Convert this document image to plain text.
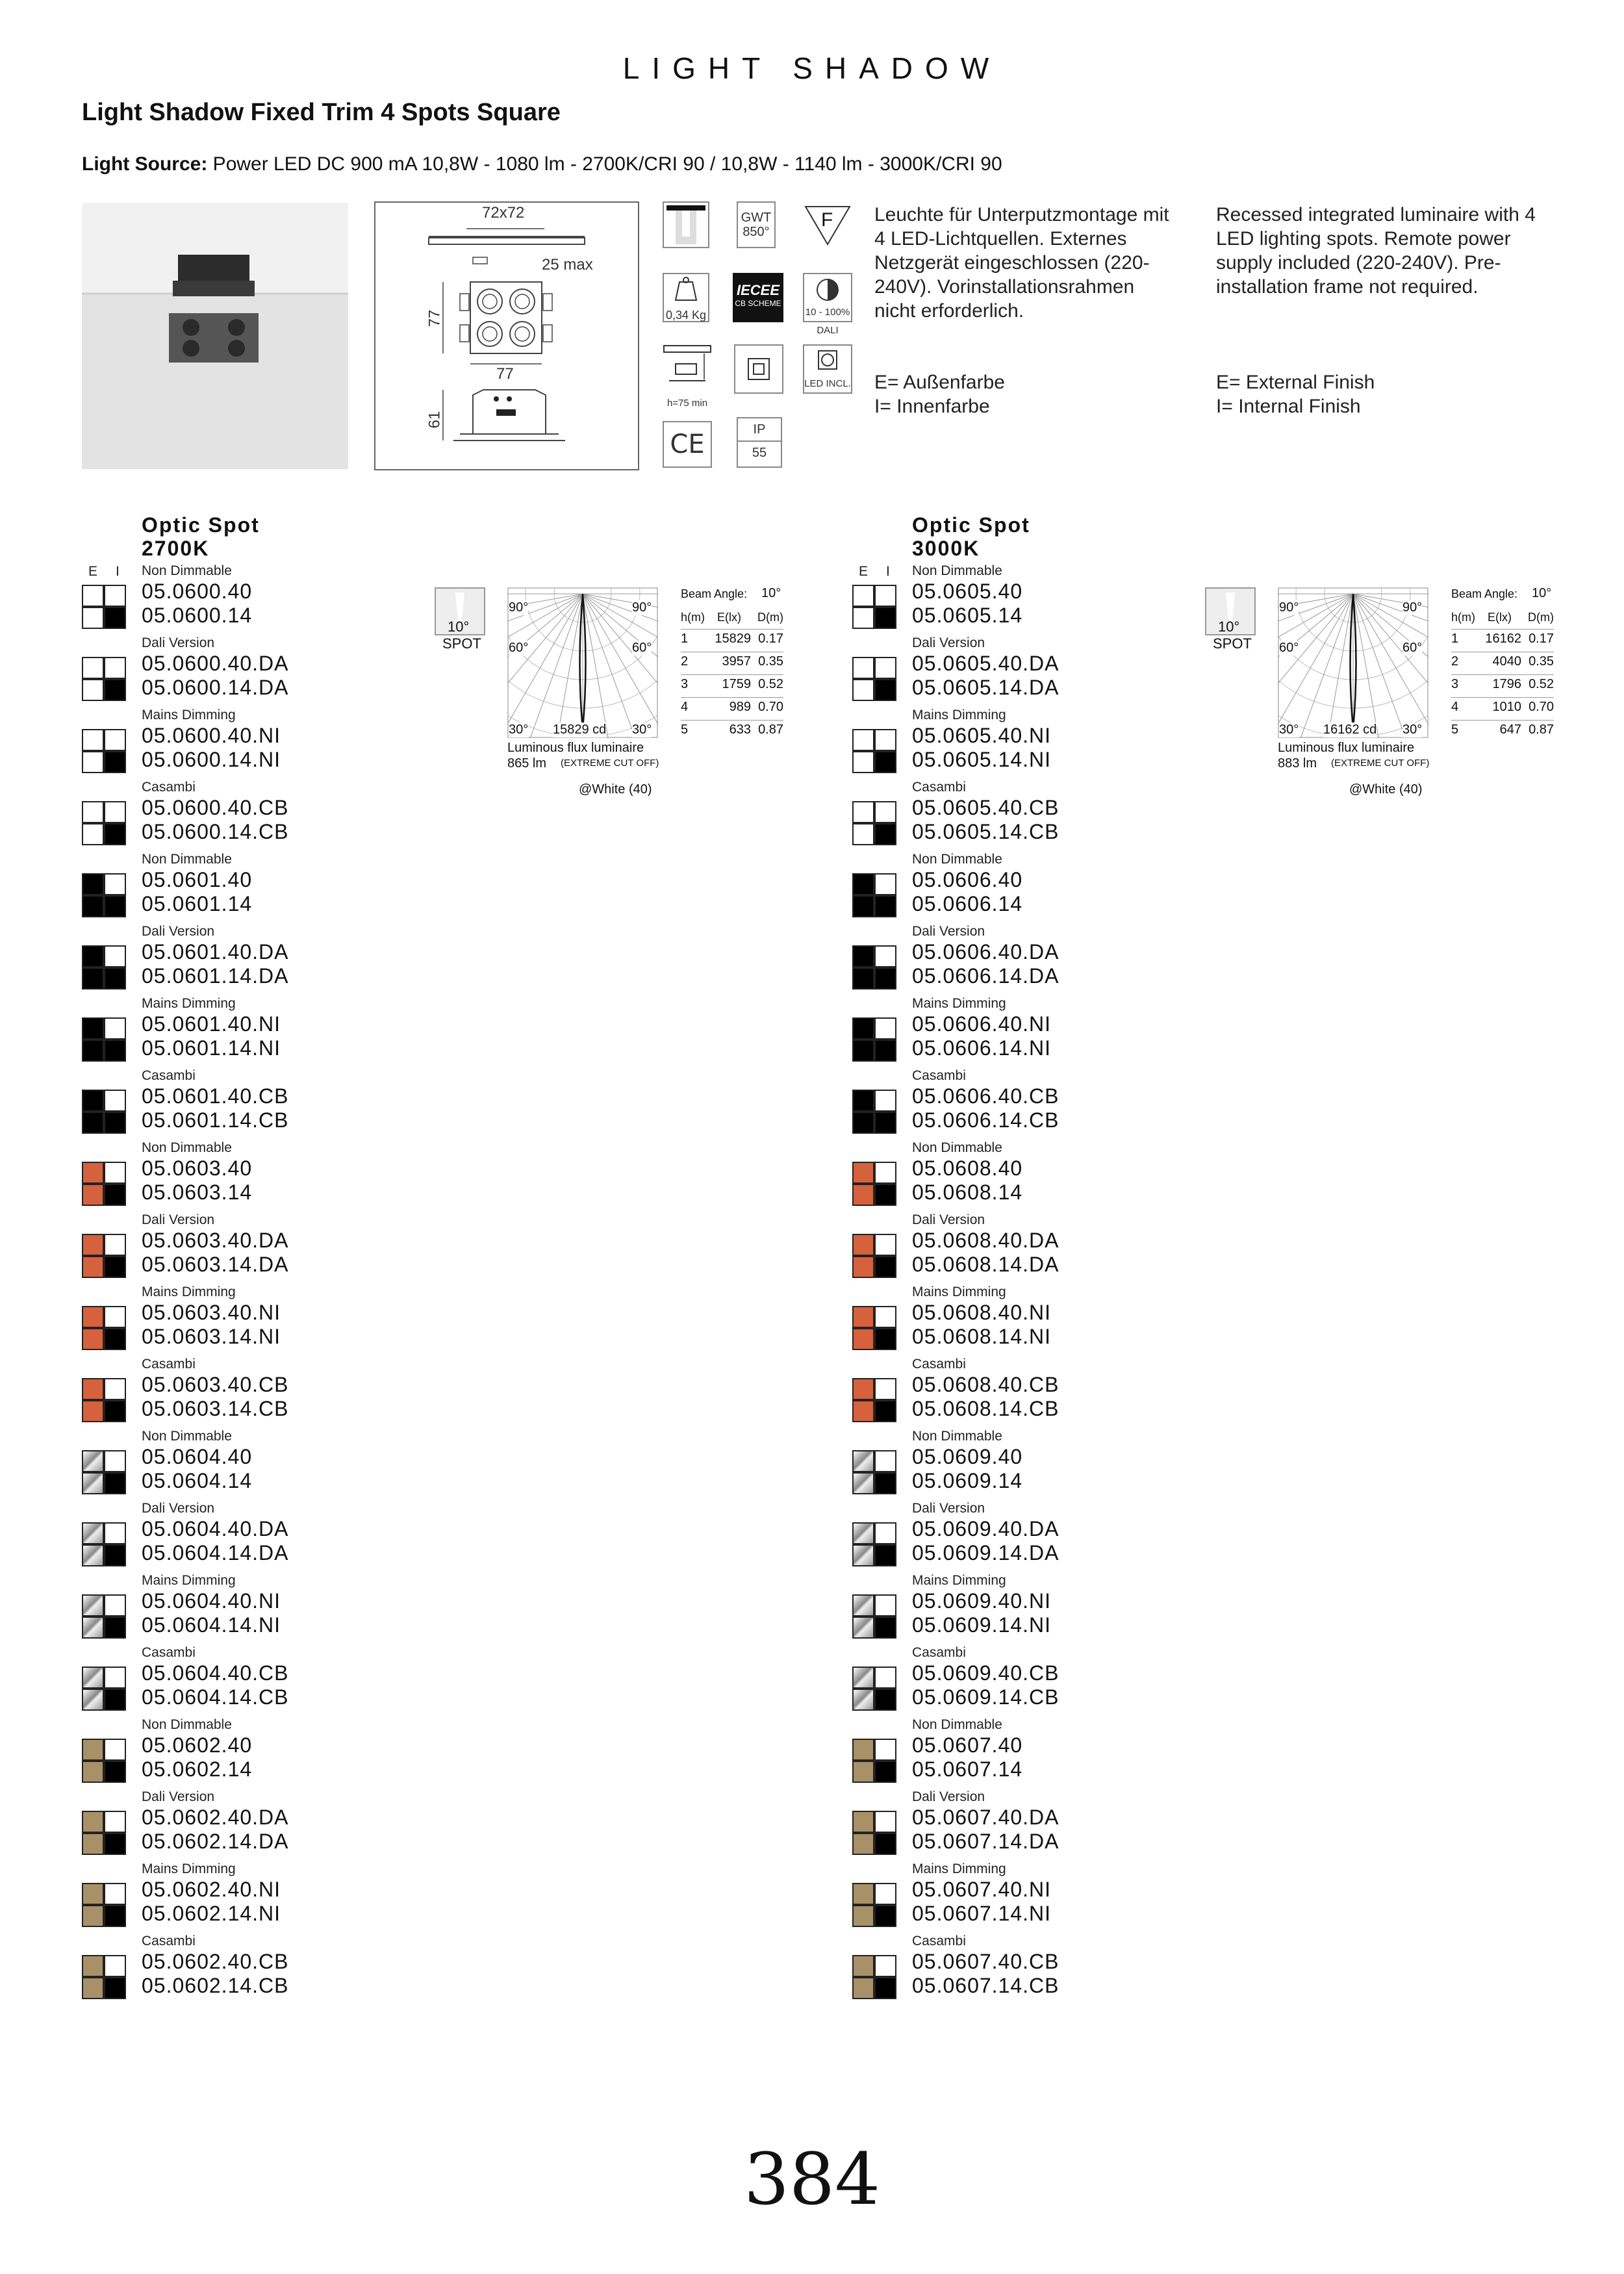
LIGHT SHADOW
Light Shadow Fixed Trim 4 Spots Square
Light Source: Power LED DC 900 mA 10,8W - 1080 lm - 2700K/CRI 90 / 10,8W - 1140 lm - 3000K/CRI 90
72x72
25 max
77
77
61
GWT
850°
F
0,34 Kg
IECEE
CB SCHEME
10 - 100%
DALI
h=75 min
LED INCL.
CE	IP
55
Leuchte für Unterputzmontage mit 4 LED-Lichtquellen. Externes Netzgerät eingeschlossen (220-240V). Vorinstallationsrahmen nicht erforderlich.
E= Außenfarbe
I= Innenfarbe
Recessed integrated luminaire with 4 LED lighting spots. Remote power supply included (220-240V). Pre-installation frame not required.
E= External Finish
I= Internal Finish
Optic Spot
2700K
E I Non Dimmable
05.0600.40
05.0600.14
Dali Version
05.0600.40.DA
05.0600.14.DA
Mains Dimming
05.0600.40.NI
05.0600.14.NI
Casambi
05.0600.40.CB
05.0600.14.CB
Non Dimmable
05.0601.40
05.0601.14
Dali Version
05.0601.40.DA
05.0601.14.DA
Mains Dimming
05.0601.40.NI
05.0601.14.NI
Casambi
05.0601.40.CB
05.0601.14.CB
Non Dimmable
05.0603.40
05.0603.14
Dali Version
05.0603.40.DA
05.0603.14.DA
Mains Dimming
05.0603.40.NI
05.0603.14.NI
Casambi
05.0603.40.CB
05.0603.14.CB
Non Dimmable
05.0604.40
05.0604.14
Dali Version
05.0604.40.DA
05.0604.14.DA
Mains Dimming
05.0604.40.NI
05.0604.14.NI
Casambi
05.0604.40.CB
05.0604.14.CB
Non Dimmable
05.0602.40
05.0602.14
Dali Version
05.0602.40.DA
05.0602.14.DA
Mains Dimming
05.0602.40.NI
05.0602.14.NI
Casambi
05.0602.40.CB
05.0602.14.CB
10°
SPOT
90°	90°
60°	60°
30°	30°
15829 cd
Luminous flux luminaire
865 lm (EXTREME CUT OFF)
@White (40)
Beam Angle: 10°
h(m) E(lx) D(m)
1	15829 0.17
2	3957 0.35
3	1759 0.52
4	989 0.70
5	633 0.87
Optic Spot
3000K
E I Non Dimmable
05.0605.40
05.0605.14
Dali Version
05.0605.40.DA
05.0605.14.DA
Mains Dimming
05.0605.40.NI
05.0605.14.NI
Casambi
05.0605.40.CB
05.0605.14.CB
Non Dimmable
05.0606.40
05.0606.14
Dali Version
05.0606.40.DA
05.0606.14.DA
Mains Dimming
05.0606.40.NI
05.0606.14.NI
Casambi
05.0606.40.CB
05.0606.14.CB
Non Dimmable
05.0608.40
05.0608.14
Dali Version
05.0608.40.DA
05.0608.14.DA
Mains Dimming
05.0608.40.NI
05.0608.14.NI
Casambi
05.0608.40.CB
05.0608.14.CB
Non Dimmable
05.0609.40
05.0609.14
Dali Version
05.0609.40.DA
05.0609.14.DA
Mains Dimming
05.0609.40.NI
05.0609.14.NI
Casambi
05.0609.40.CB
05.0609.14.CB
Non Dimmable
05.0607.40
05.0607.14
Dali Version
05.0607.40.DA
05.0607.14.DA
Mains Dimming
05.0607.40.NI
05.0607.14.NI
Casambi
05.0607.40.CB
05.0607.14.CB
10°
SPOT
90°	90°
60°	60°
30°	30°
16162 cd
Luminous flux luminaire
883 lm (EXTREME CUT OFF)
@White (40)
Beam Angle: 10°
h(m) E(lx) D(m)
1	16162 0.17
2	4040 0.35
3	1796 0.52
4	1010 0.70
5	647 0.87
384
